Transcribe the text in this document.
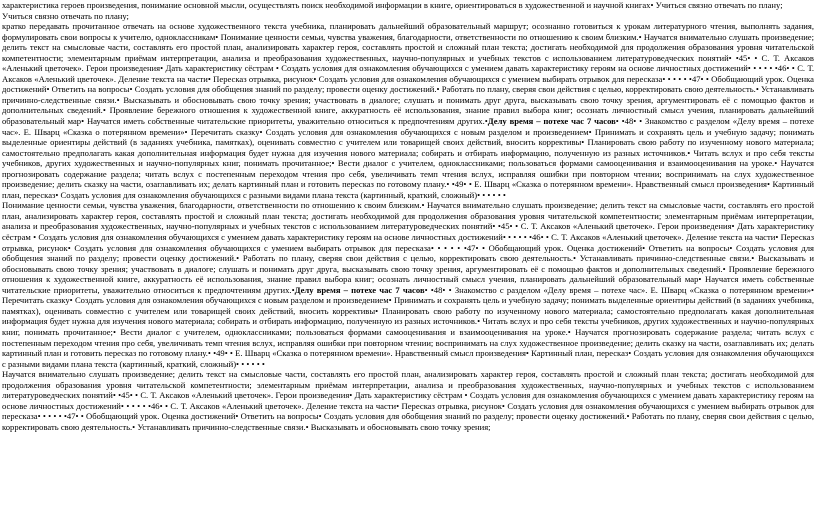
характеристика героев произведения, понимание основной мысли, осуществлять поиск необходимой информации в книге, ориентироваться в художественной и научной книгах• Учиться связно отвечать по плану;

Учиться связно отвечать по плану;

кратко передавать прочитанное отвечать на основе художественного текста учебника, планировать дальнейший образовательный маршрут; осознанно готовиться к урокам литературного чтения, выполнять задания, формулировать свои вопросы к учителю, одноклассникам• Понимание ценности семьи, чувства уважения, благодарности, ответственности по отношению к своим близким.• Научатся внимательно слушать произведение; делить текст на смысловые части, составлять его простой план, анализировать характер героя, составлять простой и сложный план текста; достигать необходимой для продолжения образования уровня читательской компетентности; элементарным приёмам интерпретации, анализа и преобразования художественных, научно-популярных и учебных текстов с использованием литературоведческих понятий• •45• • С. Т. Аксаков «Аленький цветочек». Герои произведения• Дать характеристику сёстрам • Создать условия для ознакомления обучающихся с умением давать характеристику героям на основе личностных достижений• • • • • •46• • С. Т. Аксаков «Аленький цветочек». Деление текста на части• Пересказ отрывка, рисунок• Создать условия для ознакомления обучающихся с умением выбирать отрывок для пересказа• • • • • •47• • Обобщающий урок. Оценка достижений• Ответить на вопросы• Создать условия для обобщения знаний по разделу; провести оценку достижений.• Работать по плану, сверяя свои действия с целью, корректировать свою деятельность.• Устанавливать причинно-следственные связи.• Высказывать и обосновывать свою точку зрения; участвовать в диалоге; слушать и понимать друг друга, высказывать свою точку зрения, аргументировать её с помощью фактов и дополнительных сведений.• Проявление бережного отношения к художественной книге, аккуратность её использования, знание правил выбора книг; осознать личностный смысл учения, планировать дальнейший образовательный мар• Научатся иметь собственные читательские приоритеты, уважительно относиться к предпочтениям других.•Делу время – потехе час 7 часов• •48• • Знакомство с разделом «Делу время – потехе час». Е. Шварц «Сказка о потерянном времени»• Перечитать сказку• Создать условия для ознакомления обучающихся с новым разделом и произведением• Принимать и сохранять цель и учебную задачу; понимать выделенные ориентиры действий (в заданиях учебника, памятках), оценивать совместно с учителем или товарищей своих действий, вносить коррективы• Планировать свою работу по изученному нового материала; самостоятельно предполагать какая дополнительная информация будет нужна для изучения нового материала; собирать и отбирать информацию, полученную из разных источников.• Читать вслух и про себя тексты учебников, других художественных и научно-популярных книг, понимать прочитанное;• Вести диалог с учителем, одноклассниками; пользоваться формами самооценивания и взаимооценивания на уроке.• Научатся прогнозировать содержание раздела; читать вслух с постепенным переходом чтения про себя, увеличивать темп чтения вслух, исправляя ошибки при повторном чтении; воспринимать на слух художественное произведение; делить сказку на части, озаглавливать их; делать картинный план и готовить пересказ по готовому плану.• •49• • Е. Шварц «Сказка о потерянном времени». Нравственный смысл произведения• Картинный план, пересказ• Создать условия для ознакомления обучающихся с разными видами плана текста (картинный, краткий, сложный)• • • • • •

Понимание ценности семьи, чувства уважения, благодарности, ответственности по отношению к своим близким.• Научатся внимательно слушать произведение; делить текст на смысловые части, составлять его простой план, анализировать характер героя, составлять простой и сложный план текста; достигать необходимой для продолжения образования уровня читательской компетентности; элементарным приёмам интерпретации, анализа и преобразования художественных, научно-популярных и учебных текстов с использованием литературоведческих понятий• •45• • С. Т. Аксаков «Аленький цветочек». Герои произведения• Дать характеристику сёстрам • Создать условия для ознакомления обучающихся с умением давать характеристику героям на основе личностных достижений• • • • • •46• • С. Т. Аксаков «Аленький цветочек». Деление текста на части• Пересказ отрывка, рисунок• Создать условия для ознакомления обучающихся с умением выбирать отрывок для пересказа• • • • • •47• • Обобщающий урок. Оценка достижений• Ответить на вопросы• Создать условия для обобщения знаний по разделу; провести оценку достижений.• Работать по плану, сверяя свои действия с целью, корректировать свою деятельность.• Устанавливать причинно-следственные связи.• Высказывать и обосновывать свою точку зрения; участвовать в диалоге; слушать и понимать друг друга, высказывать свою точку зрения, аргументировать её с помощью фактов и дополнительных сведений.• Проявление бережного отношения к художественной книге, аккуратность её использования, знание правил выбора книг; осознать личностный смысл учения, планировать дальнейший образовательный мар• Научатся иметь собственные читательские приоритеты, уважительно относиться к предпочтениям других.•Делу время – потехе час 7 часов• •48• • Знакомство с разделом «Делу время – потехе час». Е. Шварц «Сказка о потерянном времени»• Перечитать сказку• Создать условия для ознакомления обучающихся с новым разделом и произведением• Принимать и сохранять цель и учебную задачу; понимать выделенные ориентиры действий (в заданиях учебника, памятках), оценивать совместно с учителем или товарищей своих действий, вносить коррективы• Планировать свою работу по изученному нового материала; самостоятельно предполагать какая дополнительная информация будет нужна для изучения нового материала; собирать и отбирать информацию, полученную из разных источников.• Читать вслух и про себя тексты учебников, других художественных и научно-популярных книг, понимать прочитанное;• Вести диалог с учителем, одноклассниками; пользоваться формами самооценивания и взаимооценивания на уроке.• Научатся прогнозировать содержание раздела; читать вслух с постепенным переходом чтения про себя, увеличивать темп чтения вслух, исправляя ошибки при повторном чтении; воспринимать на слух художественное произведение; делить сказку на части, озаглавливать их; делать картинный план и готовить пересказ по готовому плану.• •49• • Е. Шварц «Сказка о потерянном времени». Нравственный смысл произведения• Картинный план, пересказ• Создать условия для ознакомления обучающихся с разными видами плана текста (картинный, краткий, сложный)• • • • • •

Научатся внимательно слушать произведение; делить текст на смысловые части, составлять его простой план, анализировать характер героя, составлять простой и сложный план текста; достигать необходимой для продолжения образования уровня читательской компетентности; элементарным приёмам интерпретации, анализа и преобразования художественных, научно-популярных и учебных текстов с использованием литературоведческих понятий• •45• • С. Т. Аксаков «Аленький цветочек». Герои произведения• Дать характеристику сёстрам • Создать условия для ознакомления обучающихся с умением давать характеристику героям на основе личностных достижений• • • • • •46• • С. Т. Аксаков «Аленький цветочек». Деление текста на части• Пересказ отрывка, рисунок• Создать условия для ознакомления обучающихся с умением выбирать отрывок для пересказа• • • • • •47• • Обобщающий урок. Оценка достижений• Ответить на вопросы• Создать условия для обобщения знаний по разделу; провести оценку достижений.• Работать по плану, сверяя свои действия с целью, корректировать свою деятельность.• Устанавливать причинно-следственные связи.• Высказывать и обосновывать свою точку зрения;
